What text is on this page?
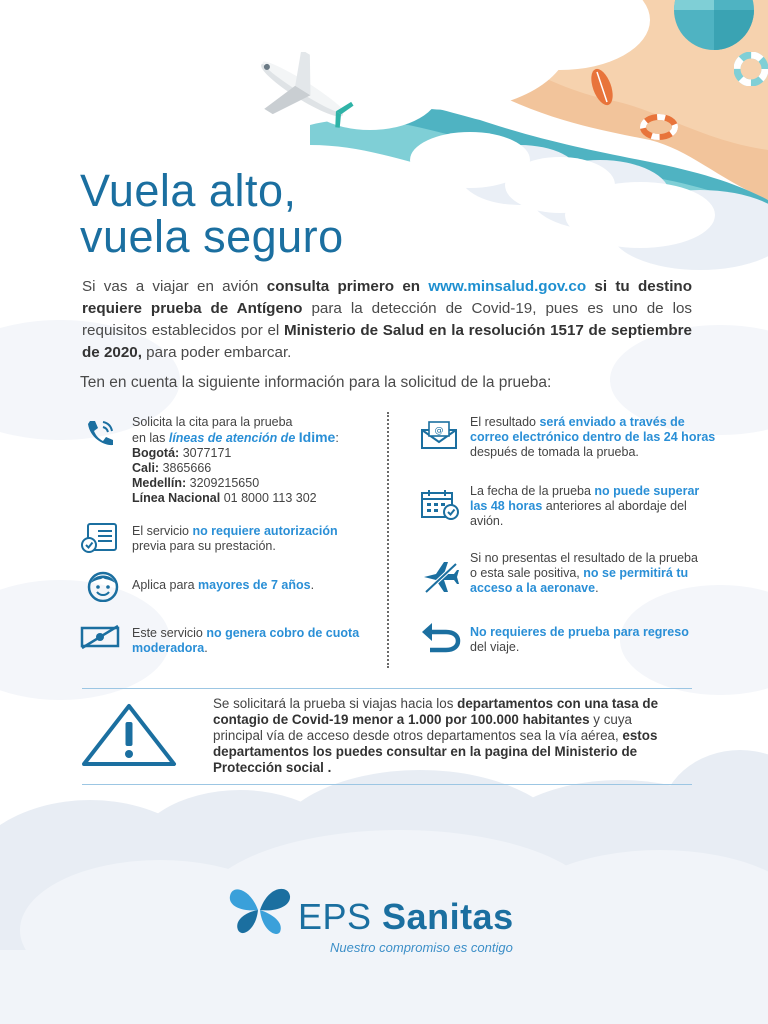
Vuela alto,
vuela seguro
Si vas a viajar en avión consulta primero en www.minsalud.gov.co si tu destino requiere prueba de Antígeno para la detección de Covid-19, pues es uno de los requisitos establecidos por el Ministerio de Salud en la resolución 1517 de septiembre de 2020, para poder embarcar.
Ten en cuenta la siguiente información para la solicitud de la prueba:
Solicita la cita para la prueba
en las líneas de atención de Idime:
Bogotá: 3077171
Cali: 3865666
Medellín: 3209215650
Línea Nacional 01 8000 113 302
El servicio no requiere autorización
previa para su prestación.
Aplica para mayores de 7 años.
Este servicio no genera cobro de cuota moderadora.
@
El resultado será enviado a través de correo electrónico dentro de las 24 horas después de tomada la prueba.
La fecha de la prueba no puede superar las 48 horas anteriores al abordaje del avión.
Si no presentas el resultado de la prueba o esta sale positiva, no se permitirá tu acceso a la aeronave.
No requieres de prueba para regreso del viaje.
Se solicitará la prueba si viajas hacia los departamentos con una tasa de contagio de Covid-19 menor a 1.000 por 100.000 habitantes y cuya principal vía de acceso desde otros departamentos sea la vía aérea, estos departamentos los puedes consultar en la pagina del Ministerio de Protección social .
EPS Sanitas
Nuestro compromiso es contigo
